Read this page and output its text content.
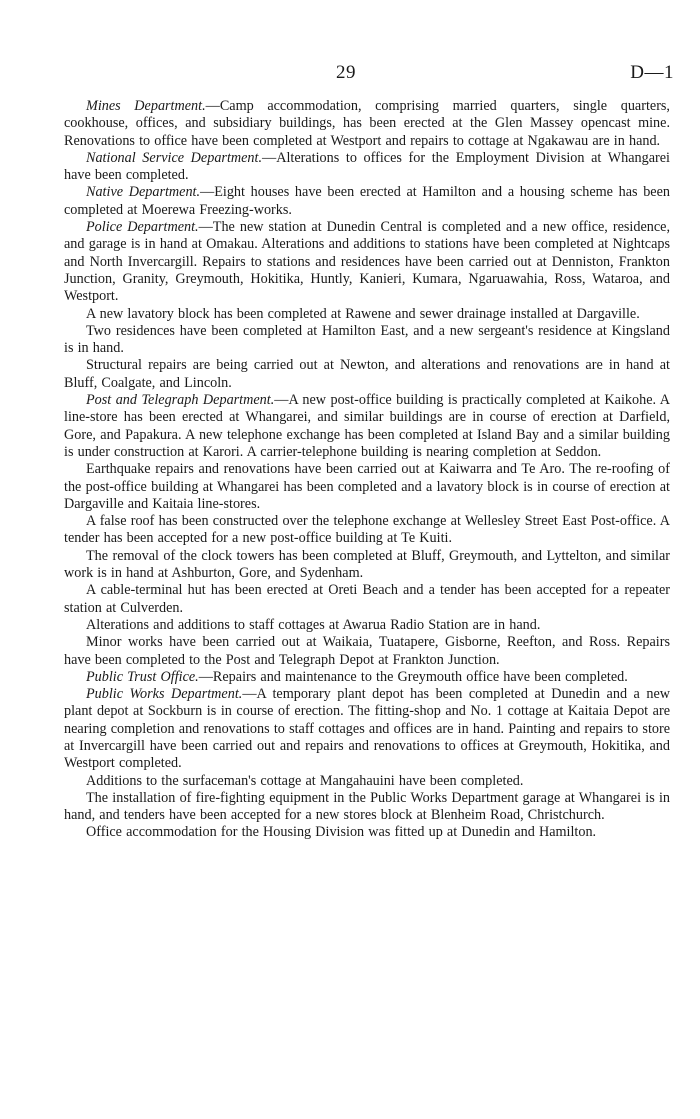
29	D—1

Mines Department.—Camp accommodation, comprising married quarters, single quarters, cookhouse, offices, and subsidiary buildings, has been erected at the Glen Massey opencast mine. Renovations to office have been completed at Westport and repairs to cottage at Ngakawau are in hand.

National Service Department.—Alterations to offices for the Employment Division at Whangarei have been completed.

Native Department.—Eight houses have been erected at Hamilton and a housing scheme has been completed at Moerewa Freezing-works.

Police Department.—The new station at Dunedin Central is completed and a new office, residence, and garage is in hand at Omakau. Alterations and additions to stations have been completed at Nightcaps and North Invercargill. Repairs to stations and residences have been carried out at Denniston, Frankton Junction, Granity, Greymouth, Hokitika, Huntly, Kanieri, Kumara, Ngaruawahia, Ross, Wataroa, and Westport.

A new lavatory block has been completed at Rawene and sewer drainage installed at Dargaville.

Two residences have been completed at Hamilton East, and a new sergeant's residence at Kingsland is in hand.

Structural repairs are being carried out at Newton, and alterations and renovations are in hand at Bluff, Coalgate, and Lincoln.

Post and Telegraph Department.—A new post-office building is practically completed at Kaikohe. A line-store has been erected at Whangarei, and similar buildings are in course of erection at Darfield, Gore, and Papakura. A new telephone exchange has been completed at Island Bay and a similar building is under construction at Karori. A carrier-telephone building is nearing completion at Seddon.

Earthquake repairs and renovations have been carried out at Kaiwarra and Te Aro. The re-roofing of the post-office building at Whangarei has been completed and a lavatory block is in course of erection at Dargaville and Kaitaia line-stores.

A false roof has been constructed over the telephone exchange at Wellesley Street East Post-office. A tender has been accepted for a new post-office building at Te Kuiti.

The removal of the clock towers has been completed at Bluff, Greymouth, and Lyttelton, and similar work is in hand at Ashburton, Gore, and Sydenham.

A cable-terminal hut has been erected at Oreti Beach and a tender has been accepted for a repeater station at Culverden.

Alterations and additions to staff cottages at Awarua Radio Station are in hand.

Minor works have been carried out at Waikaia, Tuatapere, Gisborne, Reefton, and Ross. Repairs have been completed to the Post and Telegraph Depot at Frankton Junction.

Public Trust Office.—Repairs and maintenance to the Greymouth office have been completed.

Public Works Department.—A temporary plant depot has been completed at Dunedin and a new plant depot at Sockburn is in course of erection. The fitting-shop and No. 1 cottage at Kaitaia Depot are nearing completion and renovations to staff cottages and offices are in hand. Painting and repairs to store at Invercargill have been carried out and repairs and renovations to offices at Greymouth, Hokitika, and Westport completed.

Additions to the surfaceman's cottage at Mangahauini have been completed.

The installation of fire-fighting equipment in the Public Works Department garage at Whangarei is in hand, and tenders have been accepted for a new stores block at Blenheim Road, Christchurch.

Office accommodation for the Housing Division was fitted up at Dunedin and Hamilton.
